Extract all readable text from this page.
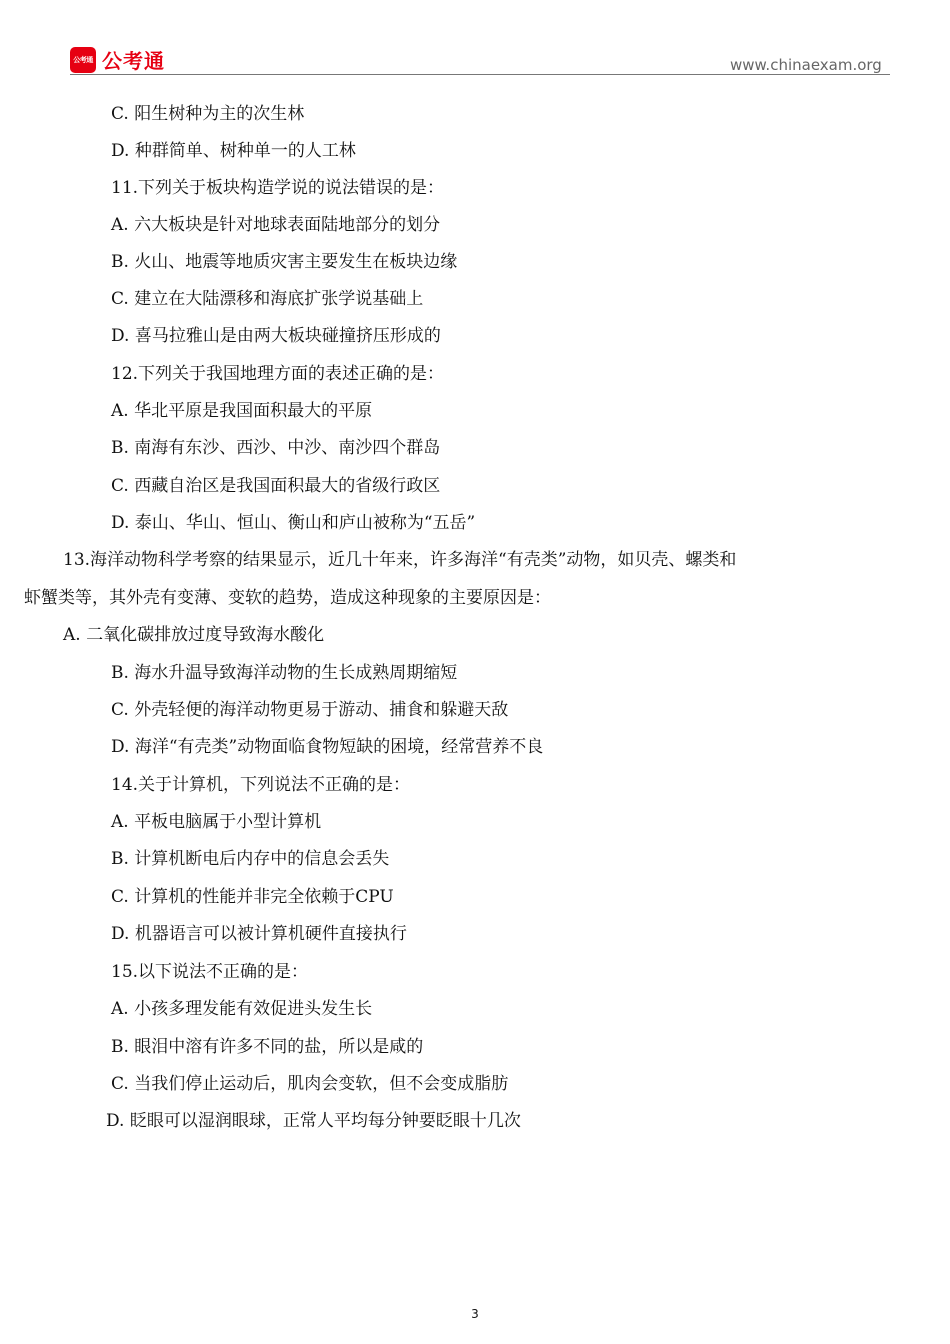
公考通 公考通	www.chinaexam.org
C. 阳生树种为主的次生林
D. 种群简单、树种单一的人工林
11.下列关于板块构造学说的说法错误的是：
A. 六大板块是针对地球表面陆地部分的划分
B. 火山、地震等地质灾害主要发生在板块边缘
C. 建立在大陆漂移和海底扩张学说基础上
D. 喜马拉雅山是由两大板块碰撞挤压形成的
12.下列关于我国地理方面的表述正确的是：
A. 华北平原是我国面积最大的平原
B. 南海有东沙、西沙、中沙、南沙四个群岛
C. 西藏自治区是我国面积最大的省级行政区
D. 泰山、华山、恒山、衡山和庐山被称为“五岳”
13.海洋动物科学考察的结果显示，近几十年来，许多海洋“有壳类”动物，如贝壳、螺类和
虾蟹类等，其外壳有变薄、变软的趋势，造成这种现象的主要原因是：
A. 二氧化碳排放过度导致海水酸化
B. 海水升温导致海洋动物的生长成熟周期缩短
C. 外壳轻便的海洋动物更易于游动、捕食和躲避天敌
D. 海洋“有壳类”动物面临食物短缺的困境，经常营养不良
14.关于计算机，下列说法不正确的是：
A. 平板电脑属于小型计算机
B. 计算机断电后内存中的信息会丢失
C. 计算机的性能并非完全依赖于CPU
D. 机器语言可以被计算机硬件直接执行
15.以下说法不正确的是：
A. 小孩多理发能有效促进头发生长
B. 眼泪中溶有许多不同的盐，所以是咸的
C. 当我们停止运动后，肌肉会变软，但不会变成脂肪
D. 眨眼可以湿润眼球，正常人平均每分钟要眨眼十几次
3
